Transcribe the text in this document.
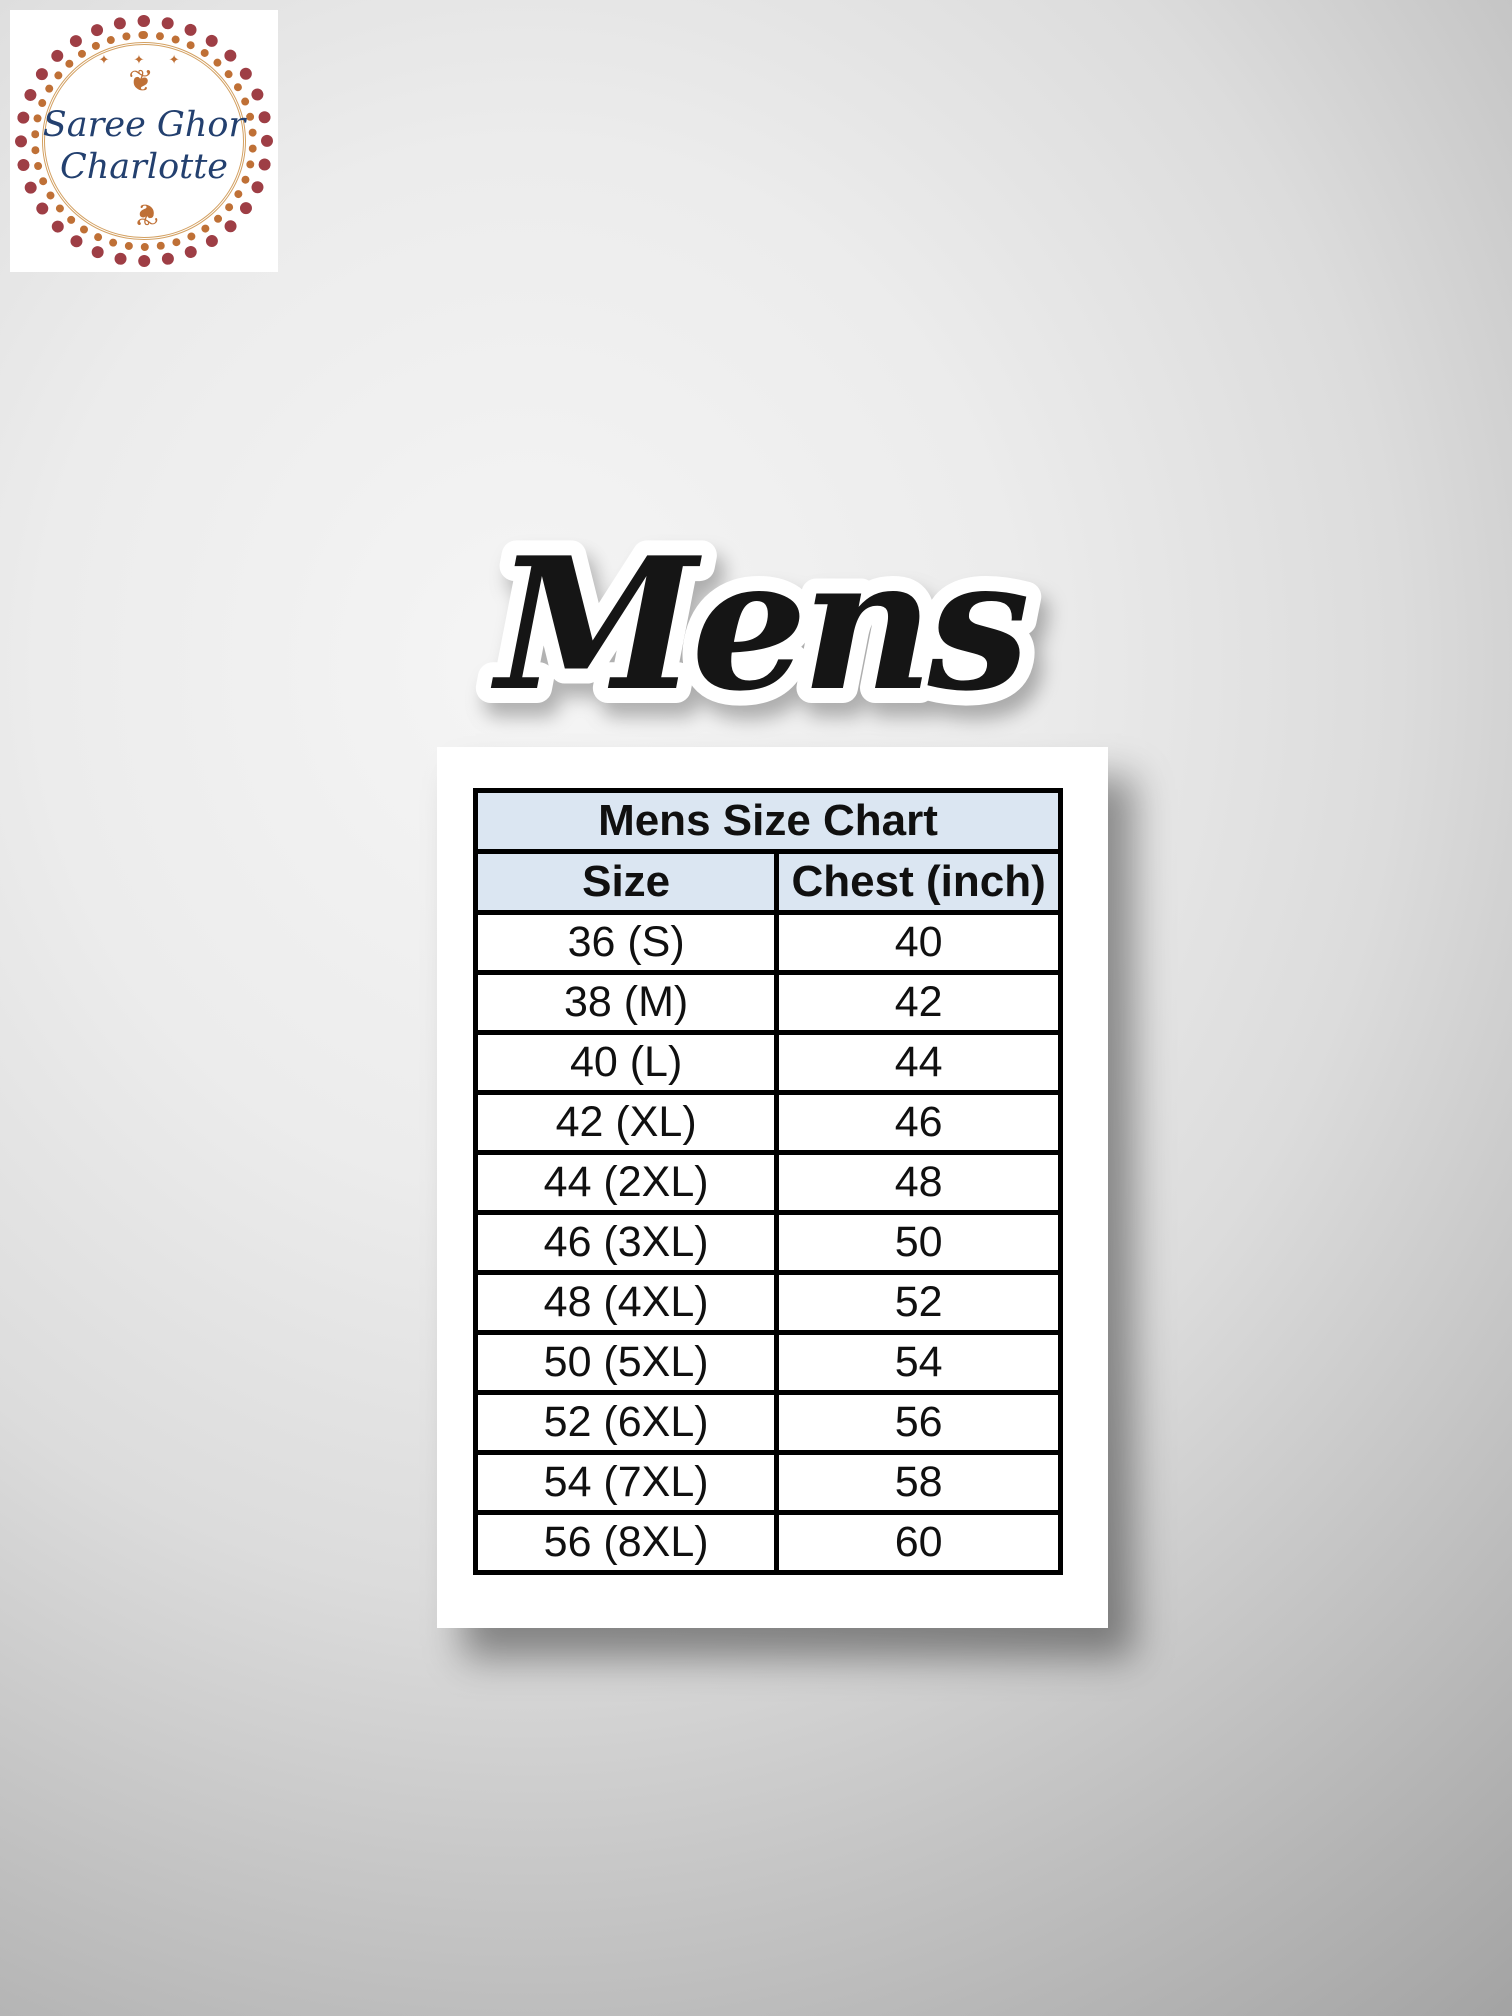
✦ ✦ ✦
❦
Saree Ghor
Charlotte
❦
Mens
Mens Size Chart	
Size	Chest (inch)
36 (S)	40
38 (M)	42
40 (L)	44
42 (XL)	46
44 (2XL)	48
46 (3XL)	50
48 (4XL)	52
50 (5XL)	54
52 (6XL)	56
54 (7XL)	58
56 (8XL)	60
